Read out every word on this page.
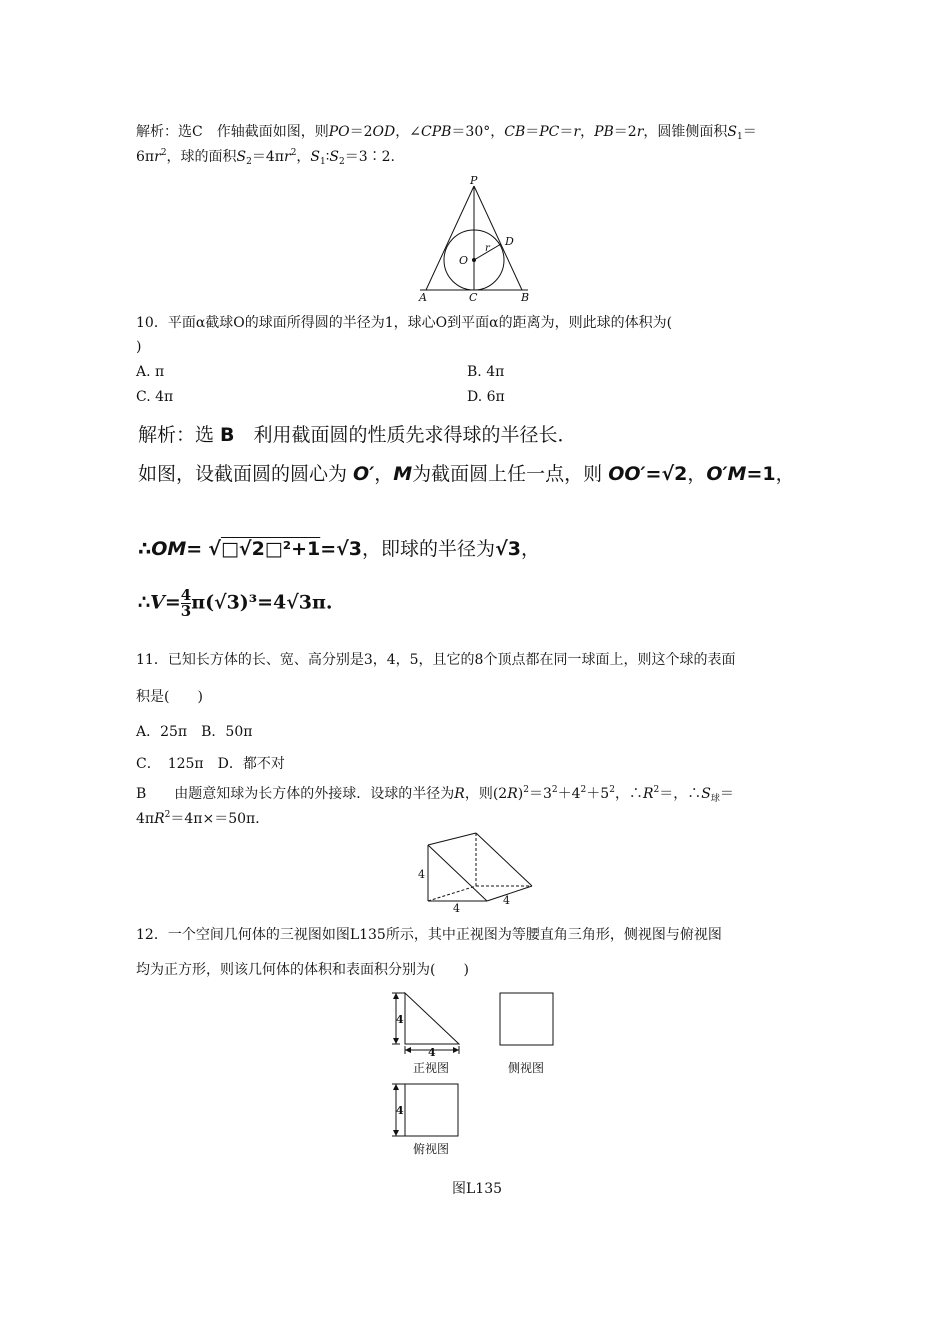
解析：选C　作轴截面如图，则PO＝2OD，∠CPB＝30°，CB＝PC＝r，PB＝2r，圆锥侧面积$S_1=$
$6\pi r^2$，球的面积$S_2=4\pi r^2$，$S_1∶S_2=3∶2$.
P
D
r
O
A	C	B
10．平面α截球O的球面所得圆的半径为1，球心O到平面α的距离为，则此球的体积为(
)
A. π	B. 4π
C. 4π	D. 6π
解析：选 B　利用截面圆的性质先求得球的半径长．
如图，设截面圆的圆心为 O′，M为截面圆上任一点，则 OO′=√2，O′M=1，
∴OM= √□√2□²+1=√3，即球的半径为√3，
∴V= $\frac{4}{3} \pi(√3)^3=4√3\pi$.
11．已知长方体的长、宽、高分别是3，4，5，且它的8个顶点都在同一球面上，则这个球的表面
积是(　　)
A．25π　B．50π
C．　125π　D．都不对
B　　由题意知球为长方体的外接球．设球的半径为R，则$(2R)^2=3^2+4^2+5^2$，$\therefore R^2=$，$\therefore S_球=$
$4\pi R^2=4\pi\times=50\pi$．
4
4
4
12．一个空间几何体的三视图如图L135所示，其中正视图为等腰直角三角形，侧视图与俯视图
均为正方形，则该几何体的体积和表面积分别为(　　)
4
4
4
正视图	侧视图
俯视图
图L135
